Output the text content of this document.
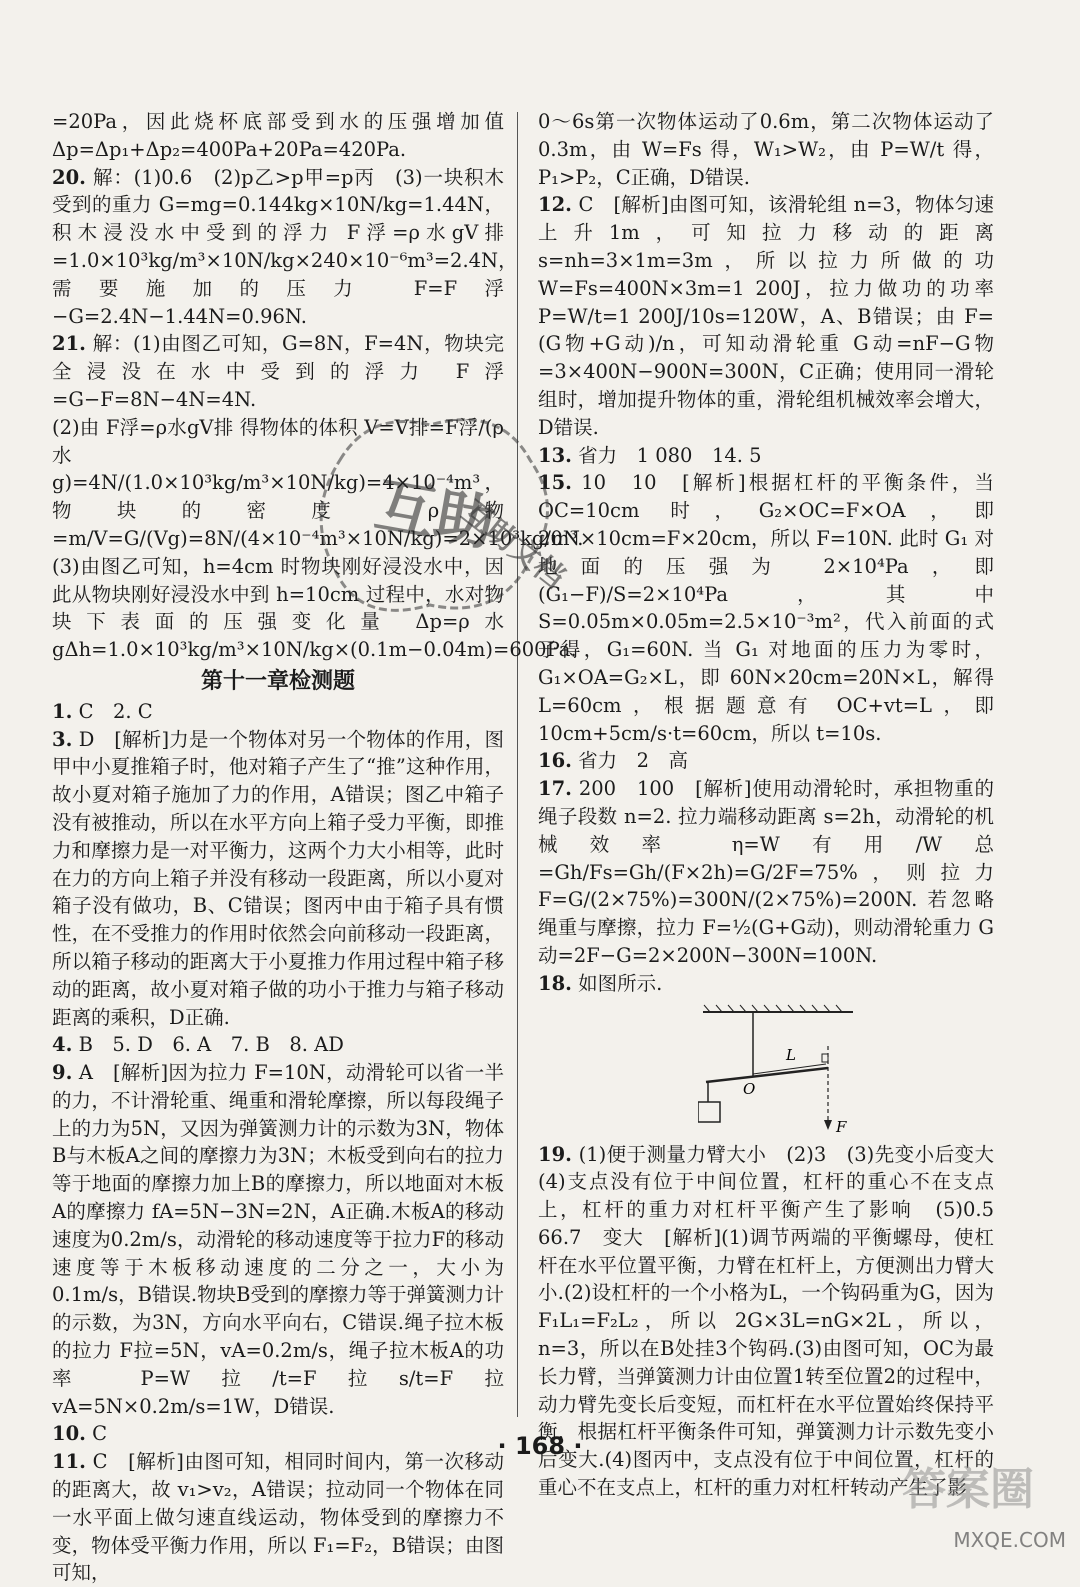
=20Pa，因此烧杯底部受到水的压强增加值 Δp=Δp₁+Δp₂=400Pa+20Pa=420Pa.

20. 解：(1)0.6　(2)p乙>p甲=p丙　(3)一块积木受到的重力 G=mg=0.144kg×10N/kg=1.44N，积木浸没水中受到的浮力 F浮=ρ水gV排=1.0×10³kg/m³×10N/kg×240×10⁻⁶m³=2.4N，需要施加的压力 F=F浮−G=2.4N−1.44N=0.96N.

21. 解：(1)由图乙可知，G=8N，F=4N，物块完全浸没在水中受到的浮力 F浮=G−F=8N−4N=4N.
(2)由 F浮=ρ水gV排 得物体的体积 V=V排=F浮/(ρ水g)=4N/(1.0×10³kg/m³×10N/kg)=4×10⁻⁴m³，物块的密度 ρ物=m/V=G/(Vg)=8N/(4×10⁻⁴m³×10N/kg)=2×10³kg/m³.
(3)由图乙可知，h=4cm 时物块刚好浸没水中，因此从物块刚好浸没水中到 h=10cm 过程中，水对物块下表面的压强变化量 Δp=ρ水gΔh=1.0×10³kg/m³×10N/kg×(0.1m−0.04m)=600Pa.

第十一章检测题

1. C　2. C

3. D　[解析]力是一个物体对另一个物体的作用，图甲中小夏推箱子时，他对箱子产生了“推”这种作用，故小夏对箱子施加了力的作用，A错误；图乙中箱子没有被推动，所以在水平方向上箱子受力平衡，即推力和摩擦力是一对平衡力，这两个力大小相等，此时在力的方向上箱子并没有移动一段距离，所以小夏对箱子没有做功，B、C错误；图丙中由于箱子具有惯性，在不受推力的作用时依然会向前移动一段距离，所以箱子移动的距离大于小夏推力作用过程中箱子移动的距离，故小夏对箱子做的功小于推力与箱子移动距离的乘积，D正确.

4. B　5. D　6. A　7. B　8. AD

9. A　[解析]因为拉力 F=10N，动滑轮可以省一半的力，不计滑轮重、绳重和滑轮摩擦，所以每段绳子上的力为5N，又因为弹簧测力计的示数为3N，物体B与木板A之间的摩擦力为3N；木板受到向右的拉力等于地面的摩擦力加上B的摩擦力，所以地面对木板A的摩擦力 fA=5N−3N=2N，A正确.木板A的移动速度为0.2m/s，动滑轮的移动速度等于拉力F的移动速度等于木板移动速度的二分之一，大小为0.1m/s，B错误.物块B受到的摩擦力等于弹簧测力计的示数，为3N，方向水平向右，C错误.绳子拉木板的拉力 F拉=5N，vA=0.2m/s，绳子拉木板A的功率 P=W拉/t=F拉s/t=F拉vA=5N×0.2m/s=1W，D错误.

10. C

11. C　[解析]由图可知，相同时间内，第一次移动的距离大，故 v₁>v₂，A错误；拉动同一个物体在同一水平面上做匀速直线运动，物体受到的摩擦力不变，物体受平衡力作用，所以 F₁=F₂，B错误；由图可知，

0～6s第一次物体运动了0.6m，第二次物体运动了0.3m，由 W=Fs 得，W₁>W₂，由 P=W/t 得，P₁>P₂，C正确，D错误.

12. C　[解析]由图可知，该滑轮组 n=3，物体匀速上升1m，可知拉力移动的距离 s=nh=3×1m=3m，所以拉力所做的功 W=Fs=400N×3m=1 200J，拉力做功的功率 P=W/t=1 200J/10s=120W，A、B错误；由 F=(G物+G动)/n，可知动滑轮重 G动=nF−G物=3×400N−900N=300N，C正确；使用同一滑轮组时，增加提升物体的重，滑轮组机械效率会增大，D错误.

13. 省力　1 080　14. 5

15. 10　10　[解析]根据杠杆的平衡条件，当 OC=10cm 时，G₂×OC=F×OA，即 20N×10cm=F×20cm，所以 F=10N. 此时 G₁ 对地面的压强为 2×10⁴Pa，即 (G₁−F)/S=2×10⁴Pa，其中 S=0.05m×0.05m=2.5×10⁻³m²，代入前面的式子得，G₁=60N. 当 G₁ 对地面的压力为零时，G₁×OA=G₂×L，即 60N×20cm=20N×L，解得 L=60cm，根据题意有 OC+vt=L，即 10cm+5cm/s·t=60cm，所以 t=10s.

16. 省力　2　高

17. 200　100　[解析]使用动滑轮时，承担物重的绳子段数 n=2. 拉力端移动距离 s=2h，动滑轮的机械效率 η=W有用/W总=Gh/Fs=Gh/(F×2h)=G/2F=75%，则拉力 F=G/(2×75%)=300N/(2×75%)=200N. 若忽略绳重与摩擦，拉力 F=½(G+G动)，则动滑轮重力 G动=2F−G=2×200N−300N=100N.

18. 如图所示.

L
O
F

19. (1)便于测量力臂大小　(2)3　(3)先变小后变大　(4)支点没有位于中间位置，杠杆的重心不在支点上，杠杆的重力对杠杆平衡产生了影响　(5)0.5　66.7　变大　[解析](1)调节两端的平衡螺母，使杠杆在水平位置平衡，力臂在杠杆上，方便测出力臂大小.(2)设杠杆的一个小格为L，一个钩码重为G，因为 F₁L₁=F₂L₂，所以 2G×3L=nG×2L，所以，n=3，所以在B处挂3个钩码.(3)由图可知，OC为最长力臂，当弹簧测力计由位置1转至位置2的过程中，动力臂先变长后变短，而杠杆在水平位置始终保持平衡，根据杠杆平衡条件可知，弹簧测力计示数先变小后变大.(4)图丙中，支点没有位于中间位置，杠杆的重心不在支点上，杠杆的重力对杠杆转动产生了影

互助
互助文档
· 168 ·
答案圈
MXQE.COM
